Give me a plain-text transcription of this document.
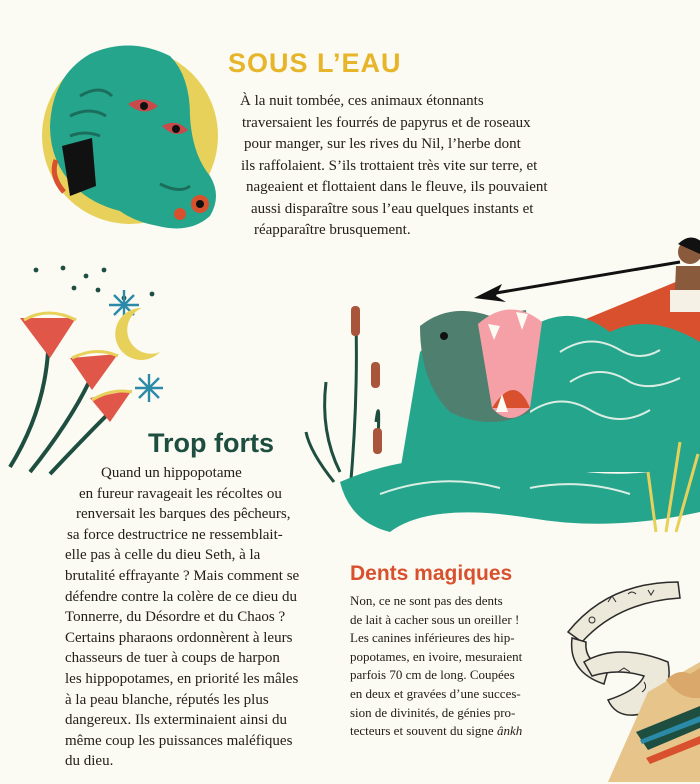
SOUS L’EAU
À la nuit tombée, ces animaux étonnants
traversaient les fourrés de papyrus et de roseaux
pour manger, sur les rives du Nil, l’herbe dont
ils raffolaient. S’ils trottaient très vite sur terre, et
nageaient et flottaient dans le fleuve, ils pouvaient
aussi disparaître sous l’eau quelques instants et
réapparaître brusquement.
Trop forts
Quand un hippopotame
en fureur ravageait les récoltes ou
renversait les barques des pêcheurs,
sa force destructrice ne ressemblait-
elle pas à celle du dieu Seth, à la
brutalité effrayante ? Mais comment se
défendre contre la colère de ce dieu du
Tonnerre, du Désordre et du Chaos ?
Certains pharaons ordonnèrent à leurs
chasseurs de tuer à coups de harpon
les hippopotames, en priorité les mâles
à la peau blanche, réputés les plus
dangereux. Ils exterminaient ainsi du
même coup les puissances maléfiques
du dieu.
Dents magiques
Non, ce ne sont pas des dents
de lait à cacher sous un oreiller !
Les canines inférieures des hip-
popotames, en ivoire, mesuraient
parfois 70 cm de long. Coupées
en deux et gravées d’une succes-
sion de divinités, de génies pro-
tecteurs et souvent du signe ânkh
